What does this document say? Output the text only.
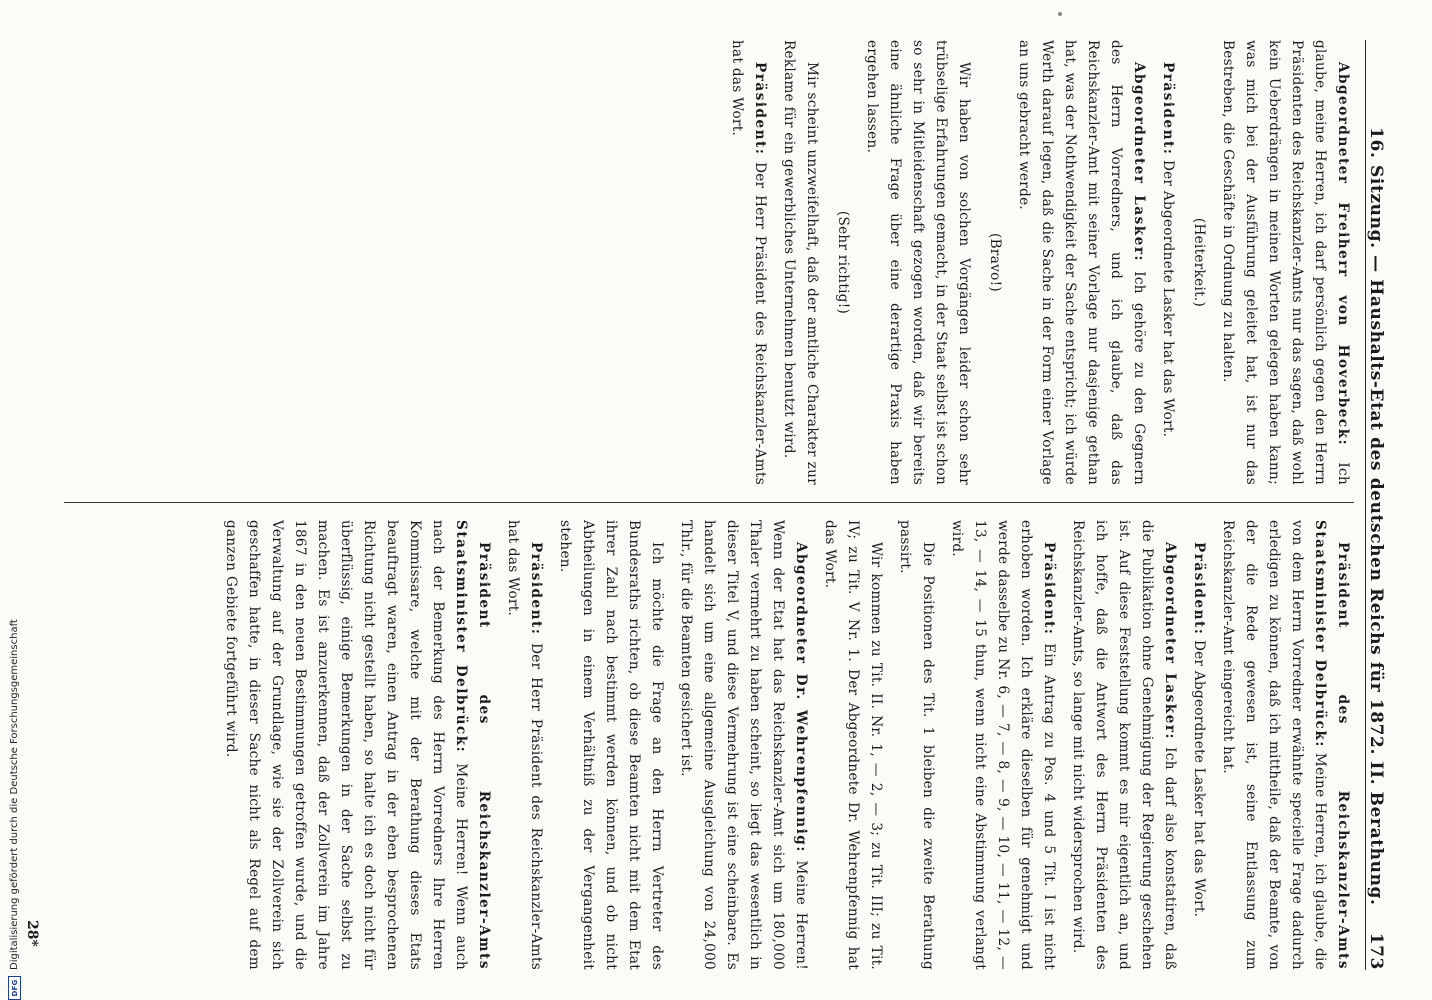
16. Sitzung. — Haushalts-Etat des deutschen Reichs für 1872. II. Berathung.
173

Abgeordneter Freiherr von Hoverbeck: Ich glaube, meine Herren, ich darf persönlich gegen den Herrn Präsidenten des Reichskanzler-Amts nur das sagen, daß wohl kein Ueberdrängen in meinen Worten gelegen haben kann; was mich bei der Ausführung geleitet hat, ist nur das Bestreben, die Geschäfte in Ordnung zu halten.

(Heiterkeit.)

Präsident: Der Abgeordnete Lasker hat das Wort.

Abgeordneter Lasker: Ich gehöre zu den Gegnern des Herrn Vorredners, und ich glaube, daß das Reichskanzler-Amt mit seiner Vorlage nur dasjenige gethan hat, was der Nothwendigkeit der Sache entspricht; ich würde Werth darauf legen, daß die Sache in der Form einer Vorlage an uns gebracht werde.

(Bravo!)

Wir haben von solchen Vorgängen leider schon sehr trübselige Erfahrungen gemacht, in der Staat selbst ist schon so sehr in Mitleidenschaft gezogen worden, daß wir bereits eine ähnliche Frage über eine derartige Praxis haben ergehen lassen.

(Sehr richtig!)

Mir scheint unzweifelhaft, daß der amtliche Charakter zur Reklame für ein gewerbliches Unternehmen benutzt wird.

Präsident: Der Herr Präsident des Reichskanzler-Amts hat das Wort.

Präsident des Reichskanzler-Amts Staatsminister Delbrück: Meine Herren, ich glaube, die von dem Herrn Vorredner erwähnte specielle Frage dadurch erledigen zu können, daß ich mittheile, daß der Beamte, von der die Rede gewesen ist, seine Entlassung zum Reichskanzler-Amt eingereicht hat.

Präsident: Der Abgeordnete Lasker hat das Wort.

Abgeordneter Lasker: Ich darf also konstatiren, daß die Publikation ohne Genehmigung der Regierung geschehen ist. Auf diese Feststellung kommt es mir eigentlich an, und ich hoffe, daß die Antwort des Herrn Präsidenten des Reichskanzler-Amts, so lange mit nicht widersprochen wird.

Präsident: Ein Antrag zu Pos. 4 und 5 Tit. I ist nicht erhoben worden. Ich erkläre dieselben für genehmigt und werde dasselbe zu Nr. 6, — 7, — 8, — 9, — 10, — 11, — 12, — 13, — 14, — 15 thun, wenn nicht eine Abstimmung verlangt wird.

Die Positionen des Tit. 1 bleiben die zweite Berathung passirt.

Wir kommen zu Tit. II. Nr. 1, — 2, — 3; zu Tit. III; zu Tit. IV; zu Tit. V Nr. 1. Der Abgeordnete Dr. Wehrenpfennig hat das Wort.

Abgeordneter Dr. Wehrenpfennig: Meine Herren! Wenn der Etat hat das Reichskanzler-Amt sich um 180,000 Thaler vermehrt zu haben scheint, so liegt das wesentlich in dieser Titel V, und diese Vermehrung ist eine scheinbare. Es handelt sich um eine allgemeine Ausgleichung von 24,000 Thlr., für die Beamten gesichert ist.

Ich möchte die Frage an den Herrn Vertreter des Bundesraths richten, ob diese Beamten nicht mit dem Etat ihrer Zahl nach bestimmt werden können, und ob nicht Abtheilungen in einem Verhältniß zu der Vergangenheit stehen.

Präsident: Der Herr Präsident des Reichskanzler-Amts hat das Wort.

Präsident des Reichskanzler-Amts Staatsminister Delbrück: Meine Herren! Wenn auch nach der Bemerkung des Herrn Vorredners Ihre Herren Kommissare, welche mit der Berathung dieses Etats beauftragt waren, einen Antrag in der eben besprochenen Richtung nicht gestellt haben, so halte ich es doch nicht für überflüssig, einige Bemerkungen in der Sache selbst zu machen. Es ist anzuerkennen, daß der Zollverein im Jahre 1867 in den neuen Bestimmungen getroffen wurde, und die Verwaltung auf der Grundlage, wie sie der Zollverein sich geschaffen hatte, in dieser Sache nicht als Regel auf dem ganzen Gebiete fortgeführt wird.

28*
DFG
Digitalisierung gefördert durch die Deutsche Forschungsgemeinschaft
